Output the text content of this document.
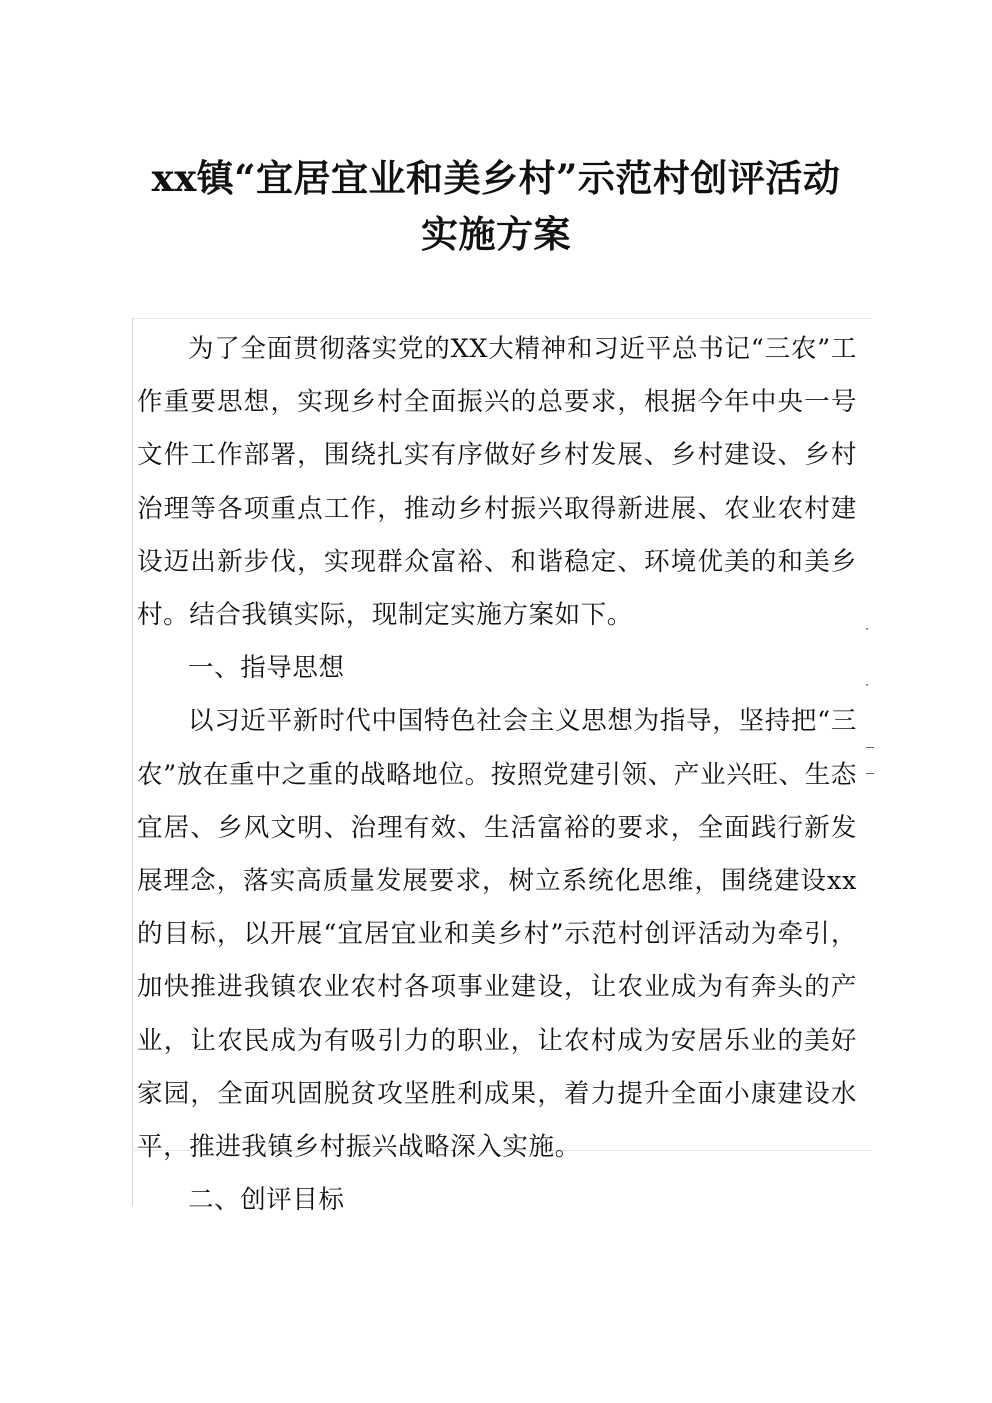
xx镇“宜居宜业和美乡村”示范村创评活动
实施方案

为了全面贯彻落实党的XX大精神和习近平总书记“三农”工作重要思想，实现乡村全面振兴的总要求，根据今年中央一号文件工作部署，围绕扎实有序做好乡村发展、乡村建设、乡村治理等各项重点工作，推动乡村振兴取得新进展、农业农村建设迈出新步伐，实现群众富裕、和谐稳定、环境优美的和美乡村。结合我镇实际，现制定实施方案如下。

一、指导思想

以习近平新时代中国特色社会主义思想为指导，坚持把“三农”放在重中之重的战略地位。按照党建引领、产业兴旺、生态宜居、乡风文明、治理有效、生活富裕的要求，全面践行新发展理念，落实高质量发展要求，树立系统化思维，围绕建设xx的目标，以开展“宜居宜业和美乡村”示范村创评活动为牵引，加快推进我镇农业农村各项事业建设，让农业成为有奔头的产业，让农民成为有吸引力的职业，让农村成为安居乐业的美好家园，全面巩固脱贫攻坚胜利成果，着力提升全面小康建设水平，推进我镇乡村振兴战略深入实施。

二、创评目标
